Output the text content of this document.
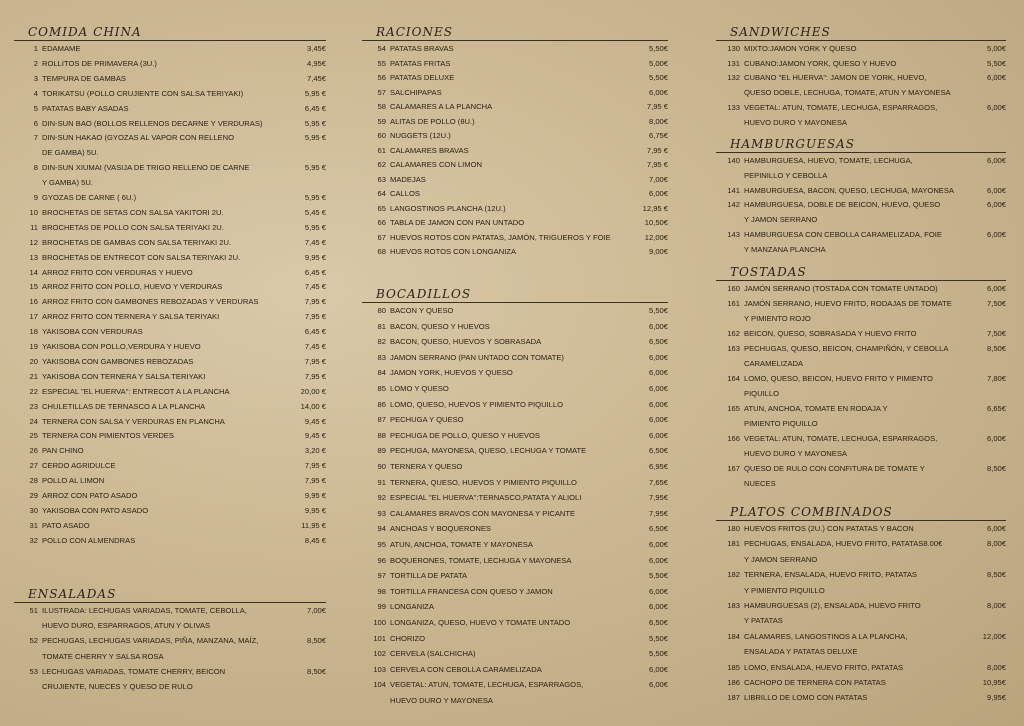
COMIDA CHINA
1 EDAMAME	3,45€
2 ROLLITOS DE PRIMAVERA (3U.)	4,95€
3 TEMPURA DE GAMBAS	7,45€
4 TORIKATSU (POLLO CRUJIENTE CON SALSA TERIYAKI)	5,95 €
5 PATATAS BABY ASADAS	6,45 €
6 DIN-SUN BAO (BOLLOS RELLENOS DECARNE Y VERDURAS)	5,95 €
7 DIN-SUN HAKAO (GYOZAS AL VAPOR CON RELLENO	5,95 €
DE GAMBA) 5U.
8 DIN-SUN XIUMAI (VASIJA DE TRIGO RELLENO DE CARNE	5,95 €
Y GAMBA) 5U.
9 GYOZAS DE CARNE ( 6U.)	5,95 €
10 BROCHETAS DE SETAS CON SALSA YAKITORI 2U.	5,45 €
11 BROCHETAS DE POLLO CON SALSA TERIYAKI 2U.	5,95 €
12 BROCHETAS DE GAMBAS CON SALSA TERIYAKI 2U.	7,45 €
13 BROCHETAS DE ENTRECOT CON SALSA TERIYAKI 2U.	9,95 €
14 ARROZ FRITO CON VERDURAS Y HUEVO	6,45 €
15 ARROZ FRITO CON POLLO, HUEVO Y VERDURAS	7,45 €
16 ARROZ FRITO CON GAMBONES REBOZADAS Y VERDURAS	7,95 €
17 ARROZ FRITO CON TERNERA Y SALSA TERIYAKI	7,95 €
18 YAKISOBA CON VERDURAS	6,45 €
19 YAKISOBA CON POLLO,VERDURA Y HUEVO	7,45 €
20 YAKISOBA CON GAMBONES REBOZADAS	7,95 €
21 YAKISOBA CON TERNERA Y SALSA TERIYAKI	7,95 €
22 ESPECIAL "EL HUERVA": ENTRECOT A LA PLANCHA	20,00 €
23 CHULETILLAS DE TERNASCO A LA PLANCHA	14,00 €
24 TERNERA CON SALSA Y VERDURAS EN PLANCHA	9,45 €
25 TERNERA CON PIMIENTOS VERDES	9,45 €
26 PAN CHINO	3,20 €
27 CERDO AGRIDULCE	7,95 €
28 POLLO AL LIMON	7,95 €
29 ARROZ CON PATO ASADO	9,95 €
30 YAKISOBA CON PATO ASADO	9,95 €
31 PATO ASADO	11,95 €
32 POLLO CON ALMENDRAS	8,45 €
ENSALADAS
51 ILUSTRADA: LECHUGAS VARIADAS, TOMATE, CEBOLLA,	7,00€
HUEVO DURO, ESPARRAGOS, ATUN Y OLIVAS
52 PECHUGAS, LECHUGAS VARIADAS, PIÑA, MANZANA, MAÍZ,	8,50€
TOMATE CHERRY Y SALSA ROSA
53 LECHUGAS VARIADAS, TOMATE CHERRY, BEICON	8,50€
CRUJIENTE, NUECES Y QUESO DE RULO
RACIONES
54 PATATAS BRAVAS	5,50€
55 PATATAS FRITAS	5,00€
56 PATATAS DELUXE	5,50€
57 SALCHIPAPAS	6,00€
58 CALAMARES A LA PLANCHA	7,95 €
59 ALITAS DE POLLO (8U.)	8,00€
60 NUGGETS (12U.)	6,75€
61 CALAMARES BRAVAS	7,95 €
62 CALAMARES CON LIMON	7,95 €
63 MADEJAS	7,00€
64 CALLOS	6,00€
65 LANGOSTINOS PLANCHA (12U.)	12,95 €
66 TABLA DE JAMON CON PAN UNTADO	10,50€
67 HUEVOS ROTOS CON PATATAS, JAMÓN, TRIGUEROS Y FOIE	12,00€
68 HUEVOS ROTOS CON LONGANIZA	9,00€
BOCADILLOS
80 BACON Y QUESO	5,50€
81 BACON, QUESO Y HUEVOS	6,00€
82 BACON, QUESO, HUEVOS Y SOBRASADA	6,50€
83 JAMON SERRANO (PAN UNTADO CON TOMATE)	6,00€
84 JAMON YORK, HUEVOS Y QUESO	6,00€
85 LOMO Y QUESO	6,00€
86 LOMO, QUESO, HUEVOS Y PIMIENTO PIQUILLO	6,00€
87 PECHUGA Y QUESO	6,00€
88 PECHUGA DE POLLO, QUESO Y HUEVOS	6,00€
89 PECHUGA, MAYONESA, QUESO, LECHUGA Y TOMATE	6,50€
90 TERNERA Y QUESO	6,95€
91 TERNERA, QUESO, HUEVOS Y PIMIENTO PIQUILLO	7,65€
92 ESPECIAL "EL HUERVA":TERNASCO,PATATA Y ALIOLI	7,95€
93 CALAMARES BRAVOS CON MAYONESA Y PICANTE	7,95€
94 ANCHOAS Y BOQUERONES	6,50€
95 ATUN, ANCHOA, TOMATE Y MAYONESA	6,00€
96 BOQUERONES, TOMATE, LECHUGA Y MAYONESA	6,00€
97 TORTILLA DE PATATA	5,50€
98 TORTILLA FRANCESA CON QUESO Y JAMON	6,00€
99 LONGANIZA	6,00€
100 LONGANIZA, QUESO, HUEVO Y TOMATE UNTADO	6,50€
101 CHORIZO	5,50€
102 CERVELA (SALCHICHA)	5,50€
103 CERVELA CON CEBOLLA CARAMELIZADA	6,00€
104 VEGETAL: ATUN, TOMATE, LECHUGA, ESPARRAGOS,	6,00€
HUEVO DURO Y MAYONESA
SANDWICHES
130 MIXTO:JAMON YORK Y QUESO	5,00€
131 CUBANO:JAMON YORK, QUESO Y HUEVO	5,50€
132 CUBANO "EL HUERVA": JAMON DE YORK, HUEVO,	6,00€
QUESO DOBLE, LECHUGA, TOMATE, ATUN Y MAYONESA
133 VEGETAL: ATUN, TOMATE, LECHUGA, ESPARRAGOS,	6,00€
HUEVO DURO Y MAYONESA
HAMBURGUESAS
140 HAMBURGUESA, HUEVO, TOMATE, LECHUGA,	6,00€
PEPINILLO Y CEBOLLA
141 HAMBURGUESA, BACON, QUESO, LECHUGA, MAYONESA	6,00€
142 HAMBURGUESA, DOBLE DE BEICON, HUEVO, QUESO	6,00€
Y JAMON SERRANO
143 HAMBURGUESA CON CEBOLLA CARAMELIZADA, FOIE	6,00€
Y MANZANA PLANCHA
TOSTADAS
160 JAMÓN SERRANO (TOSTADA CON TOMATE UNTADO)	6,00€
161 JAMÓN SERRANO, HUEVO FRITO, RODAJAS DE TOMATE	7,50€
Y PIMIENTO ROJO
162 BEICON, QUESO, SOBRASADA Y HUEVO FRITO	7,50€
163 PECHUGAS, QUESO, BEICON, CHAMPIÑÓN, Y CEBOLLA	8,50€
CARAMELIZADA
164 LOMO, QUESO, BEICON, HUEVO FRITO Y PIMIENTO	7,80€
PIQUILLO
165 ATUN, ANCHOA, TOMATE EN RODAJA Y	6,65€
PIMIENTO PIQUILLO
166 VEGETAL: ATUN, TOMATE, LECHUGA, ESPARRAGOS,	6,00€
HUEVO DURO Y MAYONESA
167 QUESO DE RULO CON CONFITURA DE TOMATE Y	8,50€
NUECES
PLATOS COMBINADOS
180 HUEVOS FRITOS (2U.) CON PATATAS Y BACON	6,00€
181 PECHUGAS, ENSALADA, HUEVO FRITO, PATATAS8.00€	8,00€
Y JAMON SERRANO
182 TERNERA, ENSALADA, HUEVO FRITO, PATATAS	8,50€
Y PIMIENTO PIQUILLO
183 HAMBURGUESAS (2), ENSALADA, HUEVO FRITO	8,00€
Y PATATAS
184 CALAMARES, LANGOSTINOS A LA PLANCHA,	12,00€
ENSALADA Y PATATAS DELUXE
185 LOMO, ENSALADA, HUEVO FRITO, PATATAS	8,00€
186 CACHOPO DE TERNERA CON PATATAS	10,95€
187 LIBRILLO DE LOMO CON PATATAS	9,95€
